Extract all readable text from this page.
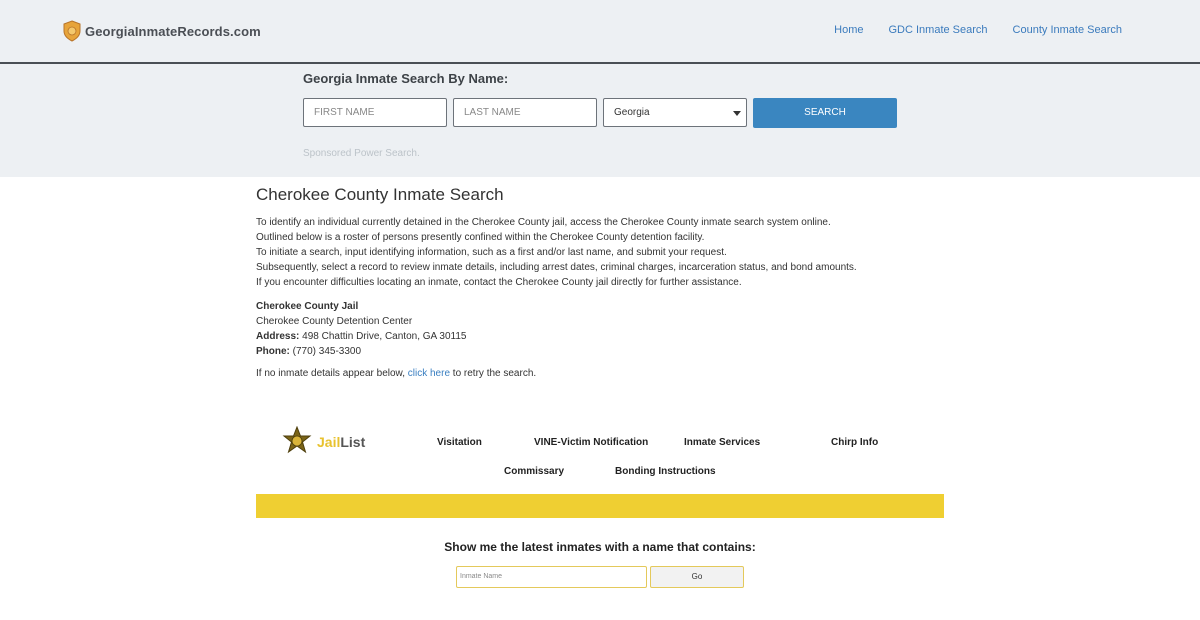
GeorgiaInmateRecords.com	Home GDC Inmate Search County Inmate Search
Georgia Inmate Search By Name:
FIRST NAME	LAST NAME	Georgia	SEARCH
Sponsored Power Search.
Cherokee County Inmate Search
To identify an individual currently detained in the Cherokee County jail, access the Cherokee County inmate search system online.
Outlined below is a roster of persons presently confined within the Cherokee County detention facility.
To initiate a search, input identifying information, such as a first and/or last name, and submit your request.
Subsequently, select a record to review inmate details, including arrest dates, criminal charges, incarceration status, and bond amounts.
If you encounter difficulties locating an inmate, contact the Cherokee County jail directly for further assistance.
Cherokee County Jail
Cherokee County Detention Center
Address: 498 Chattin Drive, Canton, GA 30115
Phone: (770) 345-3300
If no inmate details appear below, click here to retry the search.
JailList	Visitation	VINE-Victim Notification	Inmate Services	Chirp Info
Commissary	Bonding Instructions
Show me the latest inmates with a name that contains:
Inmate Name	Go
